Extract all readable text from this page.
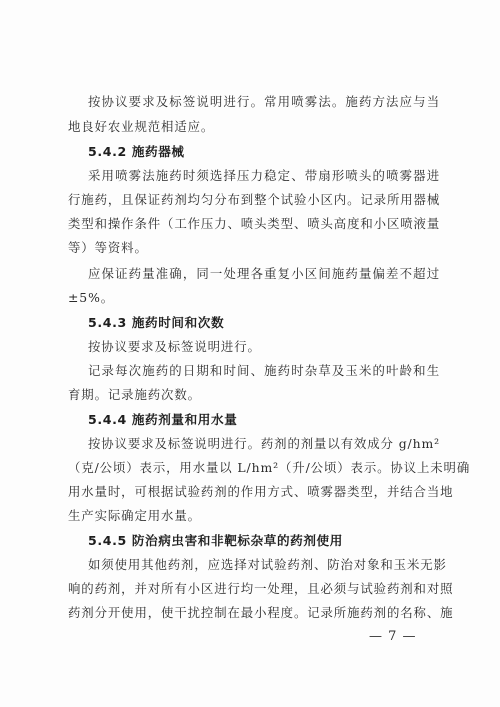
按协议要求及标签说明进行。常用喷雾法。施药方法应与当
地良好农业规范相适应。
5.4.2 施药器械
采用喷雾法施药时须选择压力稳定、带扇形喷头的喷雾器进
行施药，且保证药剂均匀分布到整个试验小区内。记录所用器械
类型和操作条件（工作压力、喷头类型、喷头高度和小区喷液量
等）等资料。
应保证药量准确，同一处理各重复小区间施药量偏差不超过
±5%。
5.4.3 施药时间和次数
按协议要求及标签说明进行。
记录每次施药的日期和时间、施药时杂草及玉米的叶龄和生
育期。记录施药次数。
5.4.4 施药剂量和用水量
按协议要求及标签说明进行。药剂的剂量以有效成分 g/hm²
（克/公顷）表示，用水量以 L/hm²（升/公顷）表示。协议上未明确
用水量时，可根据试验药剂的作用方式、喷雾器类型，并结合当地
生产实际确定用水量。
5.4.5 防治病虫害和非靶标杂草的药剂使用
如须使用其他药剂，应选择对试验药剂、防治对象和玉米无影
响的药剂，并对所有小区进行均一处理，且必须与试验药剂和对照
药剂分开使用，使干扰控制在最小程度。记录所施药剂的名称、施
— 7 —
